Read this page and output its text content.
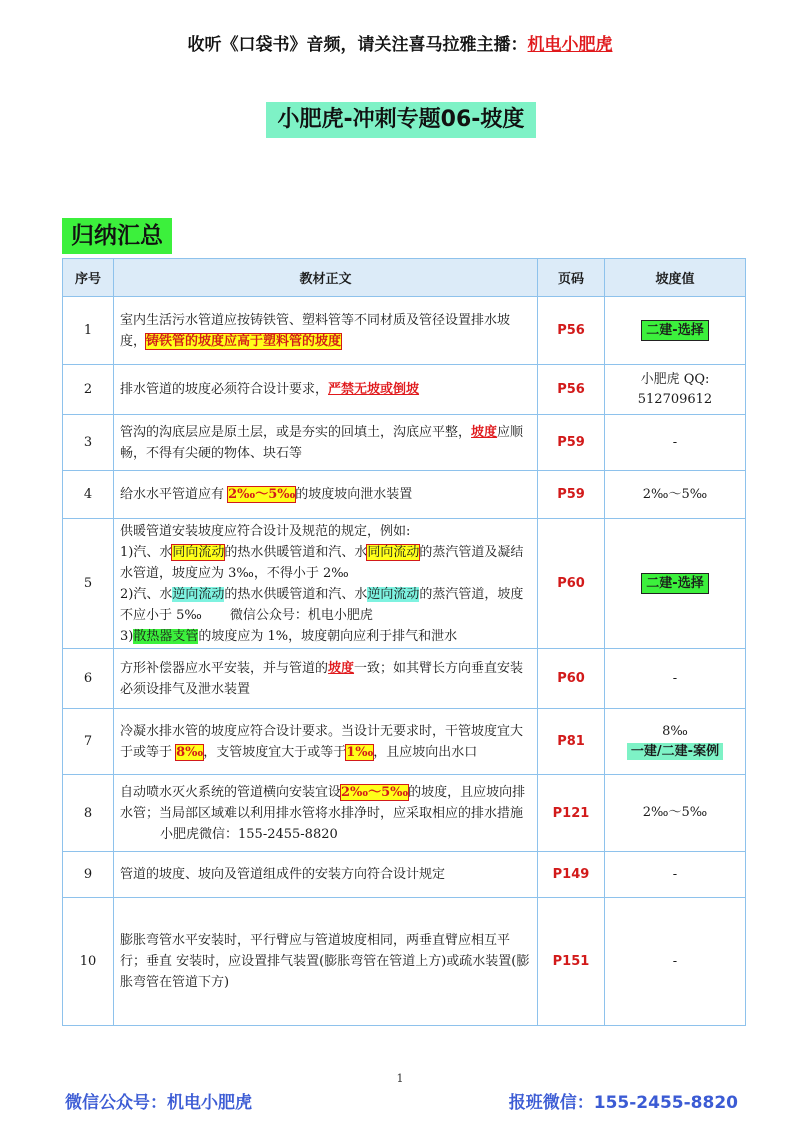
收听《口袋书》音频，请关注喜马拉雅主播：机电小肥虎
小肥虎-冲刺专题06-坡度
归纳汇总
序号	教材正文	页码	坡度值
1	室内生活污水管道应按铸铁管、塑料管等不同材质及管径设置排水坡度，铸铁管的坡度应高于塑料管的坡度	P56	二建-选择
2	排水管道的坡度必须符合设计要求，严禁无坡或倒坡	P56	小肥虎 QQ:
512709612

3	管沟的沟底层应是原土层，或是夯实的回填土，沟底应平整，坡度应顺畅，不得有尖硬的物体、块石等	P59	-
4	给水水平管道应有 2‰～5‰的坡度坡向泄水装置	P59	2‰～5‰
5	供暖管道安装坡度应符合设计及规范的规定，例如:
1)汽、水同向流动的热水供暖管道和汽、水同向流动的蒸汽管道及凝结水管道，坡度应为 3‰，不得小于 2‰
2)汽、水逆向流动的热水供暖管道和汽、水逆向流动的蒸汽管道，坡度不应小于 5‰ 微信公众号：机电小肥虎
3)散热器支管的坡度应为 1%，坡度朝向应利于排气和泄水	P60	二建-选择
6	方形补偿器应水平安装，并与管道的坡度一致；如其臂长方向垂直安装必须设排气及泄水装置	P60	-
7	冷凝水排水管的坡度应符合设计要求。当设计无要求时，干管坡度宜大于或等于 8‰，支管坡度宜大于或等于1‰，且应坡向出水口	P81	8‰
一建/二建-案例
8	自动喷水灭火系统的管道横向安装宜设2‰～5‰的坡度，且应坡向排水管；当局部区域难以利用排水管将水排净时，应采取相应的排水措施小肥虎微信：155-2455-8820	P121	2‰～5‰
9	管道的坡度、坡向及管道组成件的安装方向符合设计规定	P149	-
10	膨胀弯管水平安装时，平行臂应与管道坡度相同，两垂直臂应相互平行；垂直 安装时，应设置排气装置(膨胀弯管在管道上方)或疏水装置(膨胀弯管在管道下方)	P151	-
1
微信公众号：机电小肥虎	报班微信：155-2455-8820
